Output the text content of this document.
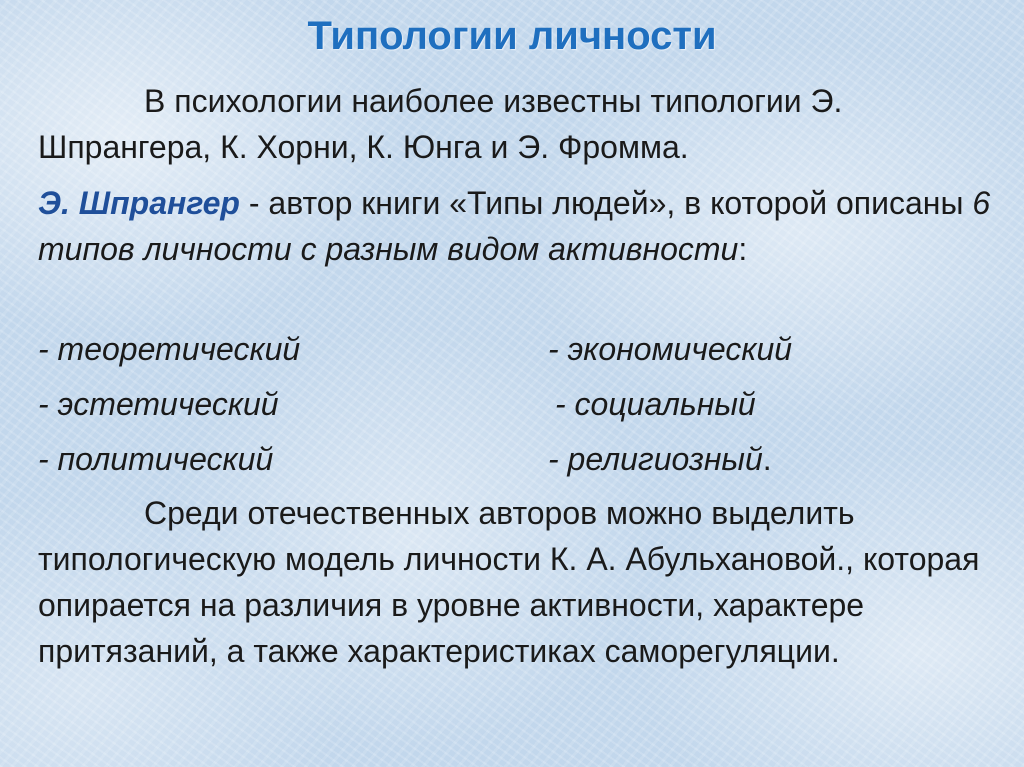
Типологии личности
В психологии наиболее известны типологии Э. Шпрангера, К. Хорни, К. Юнга и Э. Фромма.
Э. Шпрангер - автор книги «Типы людей», в которой описаны 6 типов личности с разным видом активности:
- теоретический
- эстетический
- политический
- экономический
- социальный
- религиозный.
Среди отечественных авторов можно выделить типологическую модель личности К. А. Абульхановой., которая опирается на различия в уровне активности, характере притязаний, а также характеристиках саморегуляции.
